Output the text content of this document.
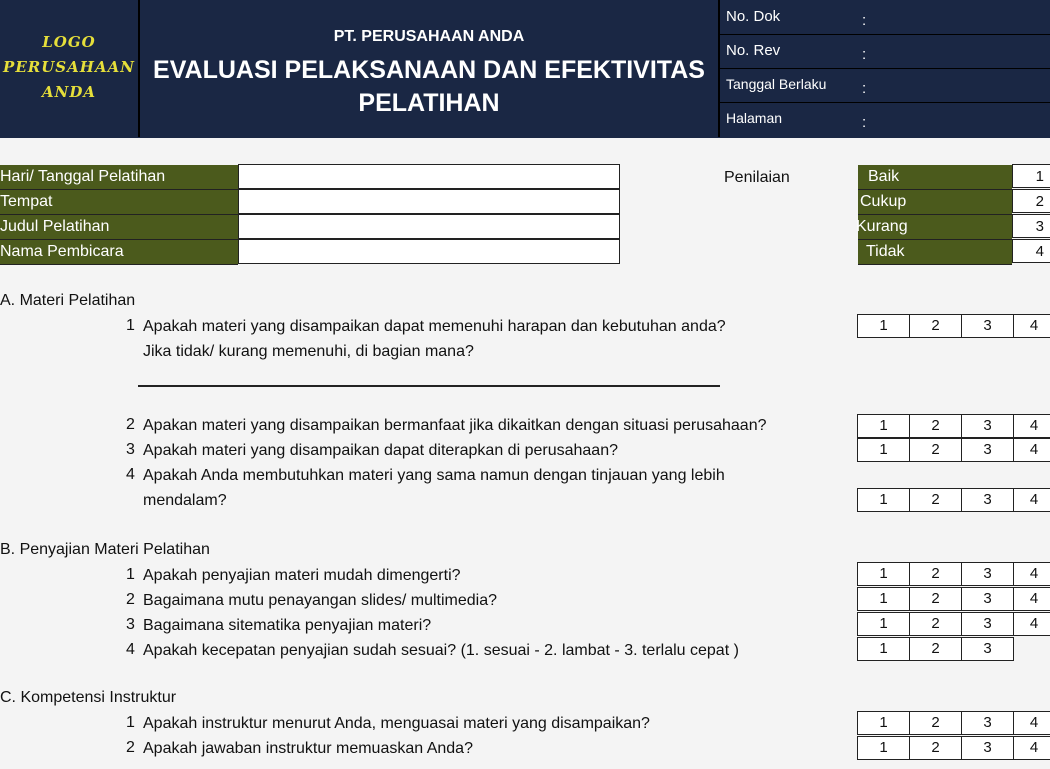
LOGO
PERUSAHAAN
ANDA
PT. PERUSAHAAN ANDA
EVALUASI PELAKSANAAN DAN EFEKTIVITAS
PELATIHAN
No. Dok	:
No. Rev	:
Tanggal Berlaku :
Halaman	:
Hari/ Tanggal Pelatihan
Tempat
Judul Pelatihan
Nama Pembicara
Penilaian	Baik	1
Cukup	2
Kurang	3
Tidak	4
A. Materi Pelatihan
1 Apakah materi yang disampaikan dapat memenuhi harapan dan kebutuhan anda?
Jika tidak/ kurang memenuhi, di bagian mana?
1	2	3	4
2 Apakan materi yang disampaikan bermanfaat jika dikaitkan dengan situasi perusahaan?	1	2	3	4
3 Apakah materi yang disampaikan dapat diterapkan di perusahaan?	1	2	3	4
4 Apakah Anda membutuhkan materi yang sama namun dengan tinjauan yang lebih
mendalam?	1	2	3	4
B. Penyajian Materi Pelatihan
1 Apakah penyajian materi mudah dimengerti?	1	2	3	4
2 Bagaimana mutu penayangan slides/ multimedia?	1	2	3	4
3 Bagaimana sitematika penyajian materi?	1	2	3	4
4 Apakah kecepatan penyajian sudah sesuai? (1. sesuai - 2. lambat - 3. terlalu cepat )	1	2	3
C. Kompetensi Instruktur
1 Apakah instruktur menurut Anda, menguasai materi yang disampaikan?	1	2	3	4
2 Apakah jawaban instruktur memuaskan Anda?	1	2	3	4
